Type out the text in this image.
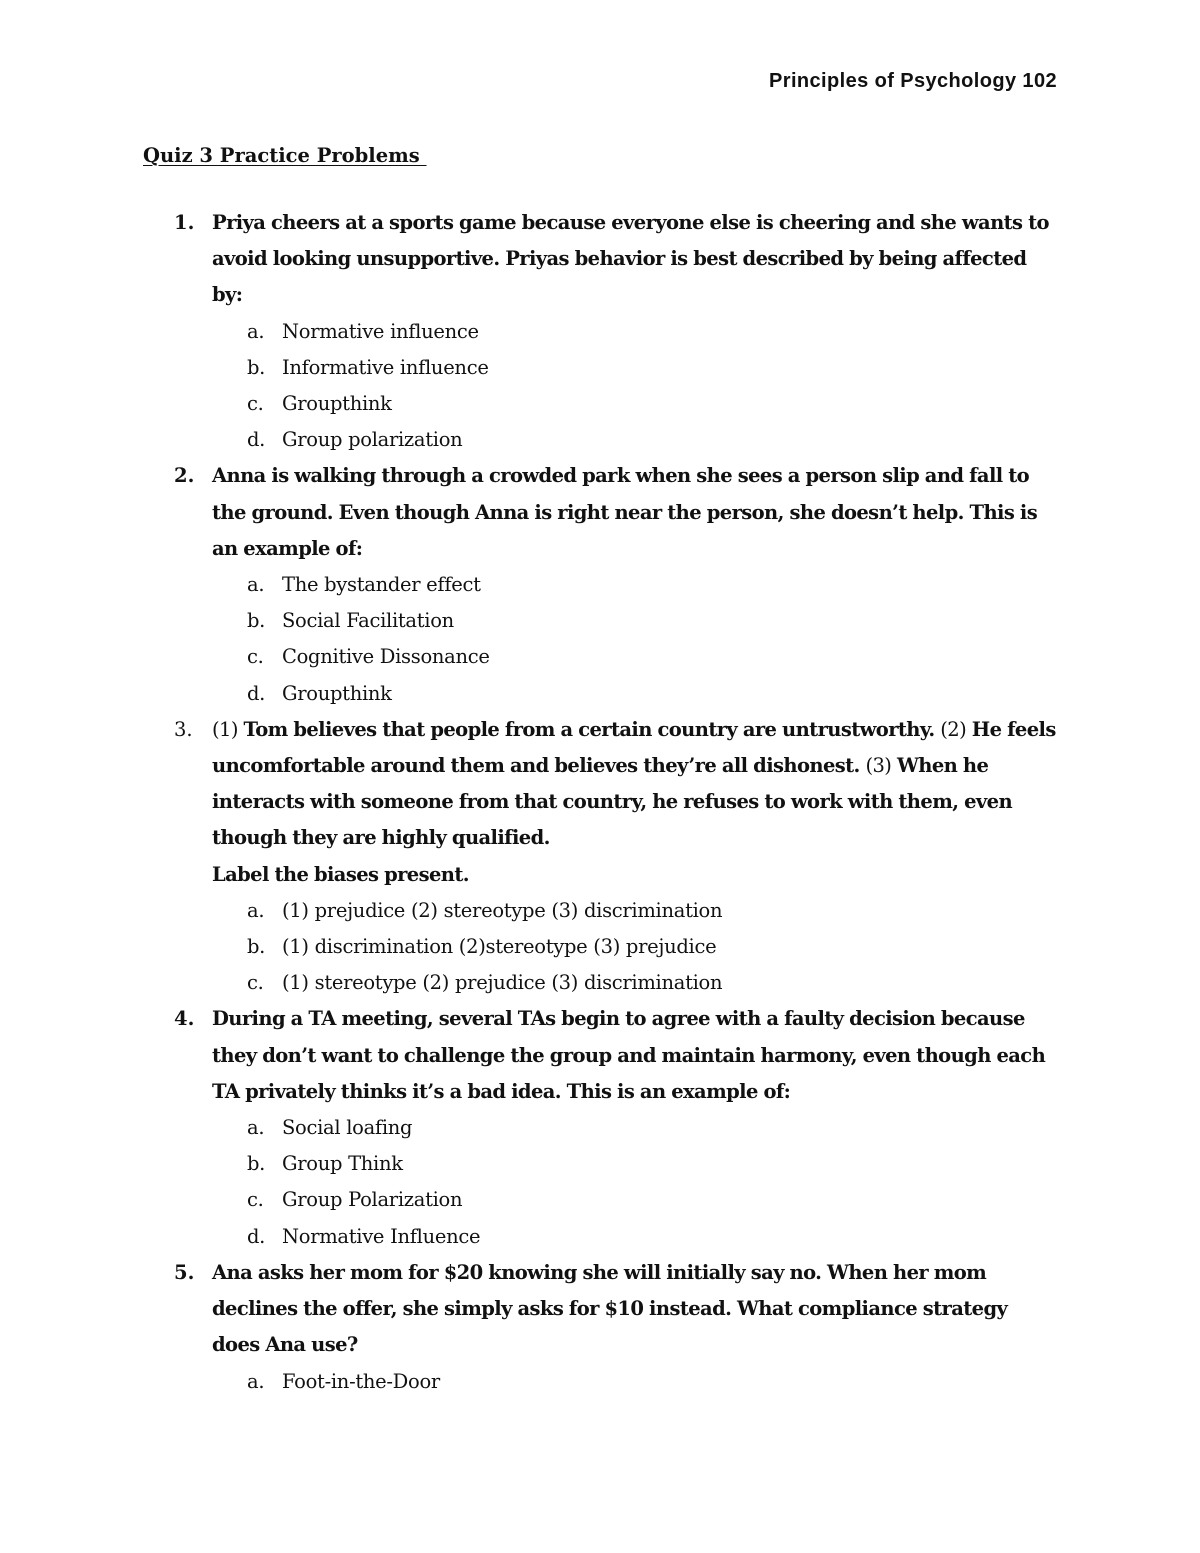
Principles of Psychology 102
Quiz 3 Practice Problems
1. Priya cheers at a sports game because everyone else is cheering and she wants to avoid looking unsupportive. Priyas behavior is best described by being affected by:
a. Normative influence
b. Informative influence
c. Groupthink
d. Group polarization
2. Anna is walking through a crowded park when she sees a person slip and fall to the ground. Even though Anna is right near the person, she doesn’t help. This is an example of:
a. The bystander effect
b. Social Facilitation
c. Cognitive Dissonance
d. Groupthink
3. (1) Tom believes that people from a certain country are untrustworthy. (2) He feels uncomfortable around them and believes they’re all dishonest. (3) When he interacts with someone from that country, he refuses to work with them, even though they are highly qualified.
Label the biases present.
a. (1) prejudice (2) stereotype (3) discrimination
b. (1) discrimination (2)stereotype (3) prejudice
c. (1) stereotype (2) prejudice (3) discrimination
4. During a TA meeting, several TAs begin to agree with a faulty decision because they don’t want to challenge the group and maintain harmony, even though each TA privately thinks it’s a bad idea. This is an example of:
a. Social loafing
b. Group Think
c. Group Polarization
d. Normative Influence
5. Ana asks her mom for $20 knowing she will initially say no. When her mom declines the offer, she simply asks for $10 instead. What compliance strategy does Ana use?
a. Foot-in-the-Door
